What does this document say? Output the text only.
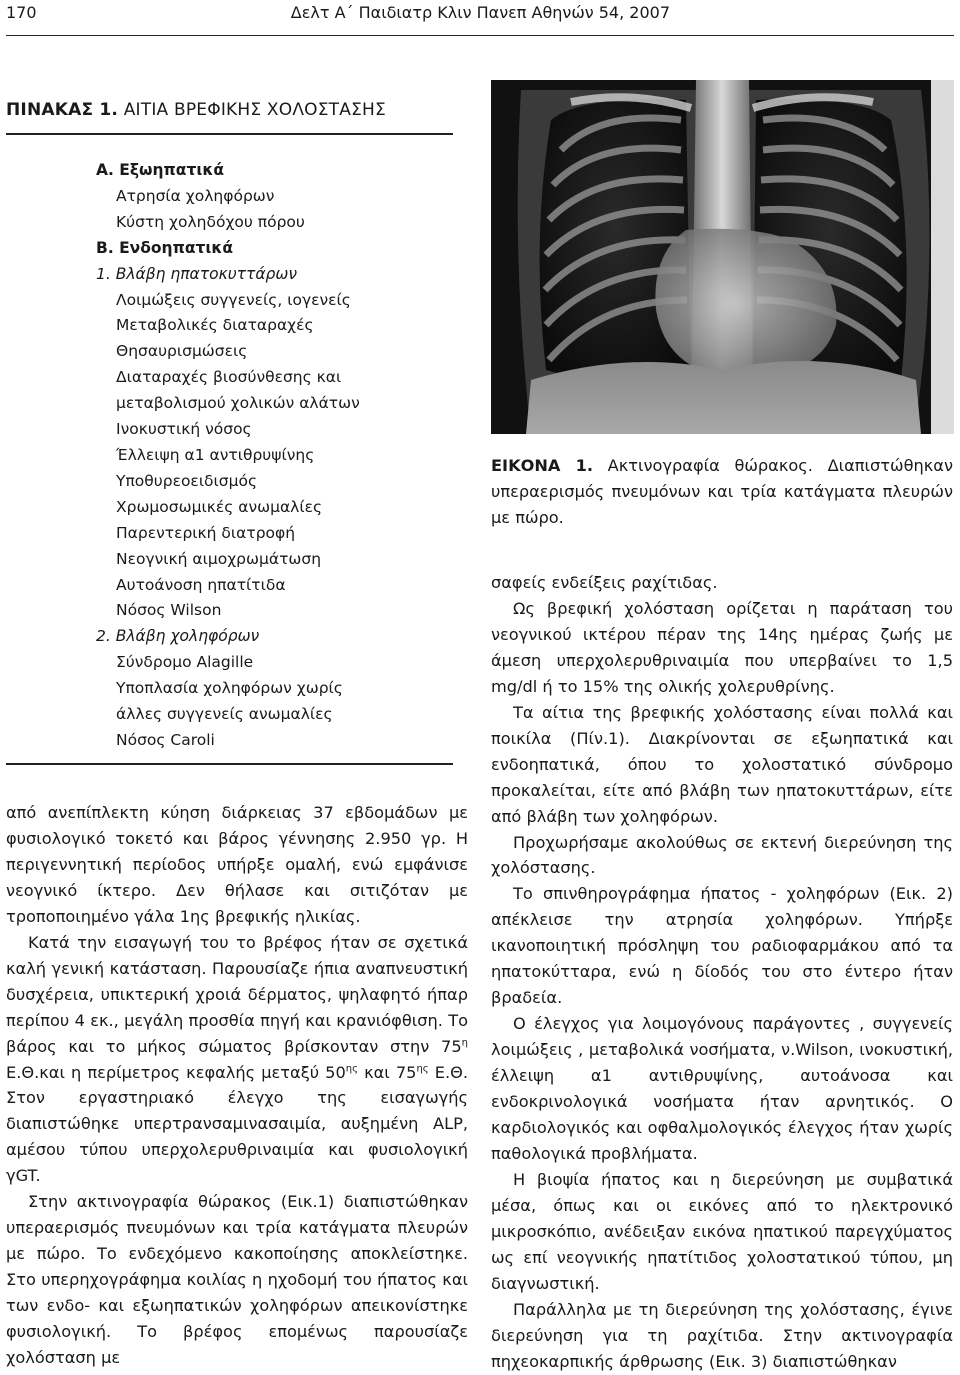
170	Δελτ Α΄ Παιδιατρ Κλιν Πανεπ Αθηνών 54, 2007
ΠΙΝΑΚΑΣ 1. ΑΙΤΙΑ ΒΡΕΦΙΚΗΣ ΧΟΛΟΣΤΑΣΗΣ
Α. Εξωηπατικά
Ατρησία χοληφόρων
Κύστη χοληδόχου πόρου
Β. Ενδοηπατικά
1. Βλάβη ηπατοκυττάρων
Λοιμώξεις συγγενείς, ιογενείς
Μεταβολικές διαταραχές
Θησαυρισμώσεις
Διαταραχές βιοσύνθεσης και
μεταβολισμού χολικών αλάτων
Ινοκυστική νόσος
Έλλειψη α1 αντιθρυψίνης
Υποθυρεοειδισμός
Χρωμοσωμικές ανωμαλίες
Παρεντερική διατροφή
Νεογνική αιμοχρωμάτωση
Αυτοάνοση ηπατίτιδα
Νόσος Wilson
2. Βλάβη χοληφόρων
Σύνδρομο Alagille
Υποπλασία χοληφόρων χωρίς
άλλες συγγενείς ανωμαλίες
Νόσος Caroli
ΕΙΚΟΝΑ 1. Ακτινογραφία θώρακος. Διαπιστώθηκαν υπεραερισμός πνευμόνων και τρία κατάγματα πλευρών με πώρο.

από ανεπίπλεκτη κύηση διάρκειας 37 εβδομάδων με φυσιολογικό τοκετό και βάρος γέννησης 2.950 γρ. Η περιγεννητική περίοδος υπήρξε ομαλή, ενώ εμφάνισε νεογνικό ίκτερο. Δεν θήλασε και σιτιζόταν με τροποποιημένο γάλα 1ης βρεφικής ηλικίας.

Κατά την εισαγωγή του το βρέφος ήταν σε σχετικά καλή γενική κατάσταση. Παρουσίαζε ήπια αναπνευστική δυσχέρεια, υπικτερική χροιά δέρματος, ψηλαφητό ήπαρ περίπου 4 εκ., μεγάλη προσθία πηγή και κρανιόφθιση. Το βάρος και το μήκος σώματος βρίσκονταν στην $75^\eta$ Ε.Θ.και η περίμετρος κεφαλής μεταξύ $50^{\eta\varsigma}$ και $75^{\eta\varsigma}$ Ε.Θ. Στον εργαστηριακό έλεγχο της εισαγωγής διαπιστώθηκε υπερτρανσαμινασαιμία, αυξημένη ALP, αμέσου τύπου υπερχολερυθριναιμία και φυσιολογική γGT.

Στην ακτινογραφία θώρακος (Εικ.1) διαπιστώθηκαν υπεραερισμός πνευμόνων και τρία κατάγματα πλευρών με πώρο. Το ενδεχόμενο κακοποίησης αποκλείστηκε. Στο υπερηχογράφημα κοιλίας η ηχοδομή του ήπατος και των ενδο- και εξωηπατικών χοληφόρων απεικονίστηκε φυσιολογική. Το βρέφος επομένως παρουσίαζε χολόσταση με

σαφείς ενδείξεις ραχίτιδας.

Ως βρεφική χολόσταση ορίζεται η παράταση του νεογνικού ικτέρου πέραν της 14ης ημέρας ζωής με άμεση υπερχολερυθριναιμία που υπερβαίνει το 1,5 mg/dl ή το 15% της ολικής χολερυθρίνης.

Τα αίτια της βρεφικής χολόστασης είναι πολλά και ποικίλα (Πίν.1). Διακρίνονται σε εξωηπατικά και ενδοηπατικά, όπου το χολοστατικό σύνδρομο προκαλείται, είτε από βλάβη των ηπατοκυττάρων, είτε από βλάβη των χοληφόρων.

Προχωρήσαμε ακολούθως σε εκτενή διερεύνηση της χολόστασης.

Το σπινθηρογράφημα ήπατος - χοληφόρων (Εικ. 2) απέκλεισε την ατρησία χοληφόρων. Υπήρξε ικανοποιητική πρόσληψη του ραδιοφαρμάκου από τα ηπατοκύτταρα, ενώ η δίοδός του στο έντερο ήταν βραδεία.

Ο έλεγχος για λοιμογόνους παράγοντες , συγγενείς λοιμώξεις , μεταβολικά νοσήματα, ν.Wilson, ινοκυστική, έλλειψη α1 αντιθρυψίνης, αυτοάνοσα και ενδοκρινολογικά νοσήματα ήταν αρνητικός. Ο καρδιολογικός και οφθαλμολογικός έλεγχος ήταν χωρίς παθολογικά προβλήματα.

Η βιοψία ήπατος και η διερεύνηση με συμβατικά μέσα, όπως και οι εικόνες από το ηλεκτρονικό μικροσκόπιο, ανέδειξαν εικόνα ηπατικού παρεγχύματος ως επί νεογνικής ηπατίτιδος χολοστατικού τύπου, μη διαγνωστική.

Παράλληλα με τη διερεύνηση της χολόστασης, έγινε διερεύνηση για τη ραχίτιδα. Στην ακτινογραφία πηχεοκαρπικής άρθρωσης (Εικ. 3) διαπιστώθηκαν
